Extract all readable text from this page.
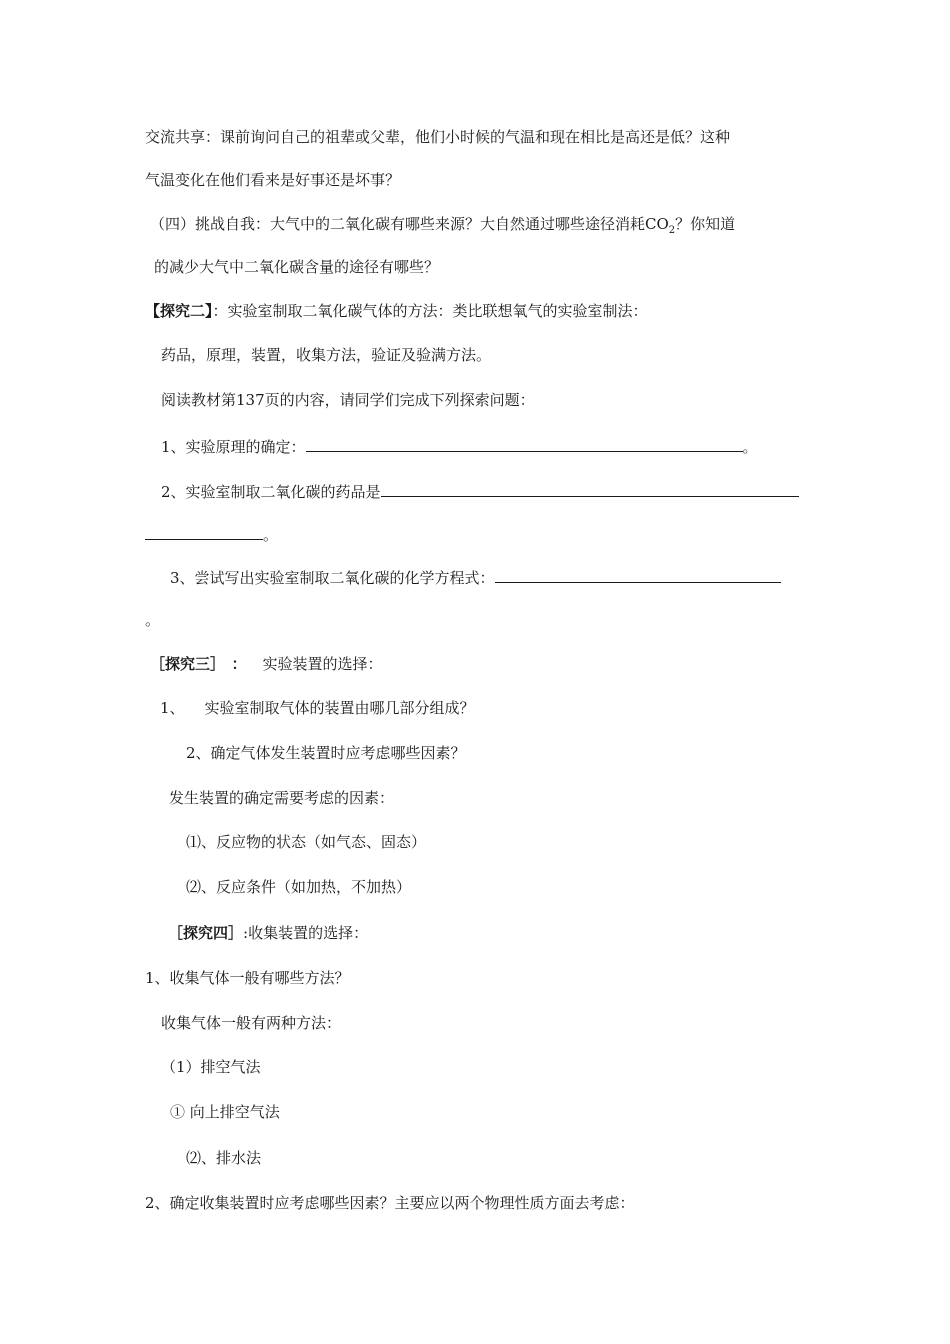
交流共享：课前询问自己的祖辈或父辈，他们小时候的气温和现在相比是高还是低？这种
气温变化在他们看来是好事还是坏事？
（四）挑战自我：大气中的二氧化碳有哪些来源？大自然通过哪些途径消耗$CO_2$？你知道
的减少大气中二氧化碳含量的途径有哪些？
【探究二】：实验室制取二氧化碳气体的方法：类比联想氧气的实验室制法：
药品，原理，装置，收集方法，验证及验满方法。
阅读教材第137页的内容，请同学们完成下列探索问题：
1、实验原理的确定：	。
2、实验室制取二氧化碳的药品是
。
3、尝试写出实验室制取二氧化碳的化学方程式：
。
［探究三］ ： 实验装置的选择：
1、 实验室制取气体的装置由哪几部分组成？
2、确定气体发生装置时应考虑哪些因素？
发生装置的确定需要考虑的因素：
⑴、反应物的状态（如气态、固态）
⑵、反应条件（如加热，不加热）
［探究四］:收集装置的选择：
1、收集气体一般有哪些方法？
收集气体一般有两种方法：
（1）排空气法
① 向上排空气法
⑵、排水法
2、确定收集装置时应考虑哪些因素？主要应以两个物理性质方面去考虑：
